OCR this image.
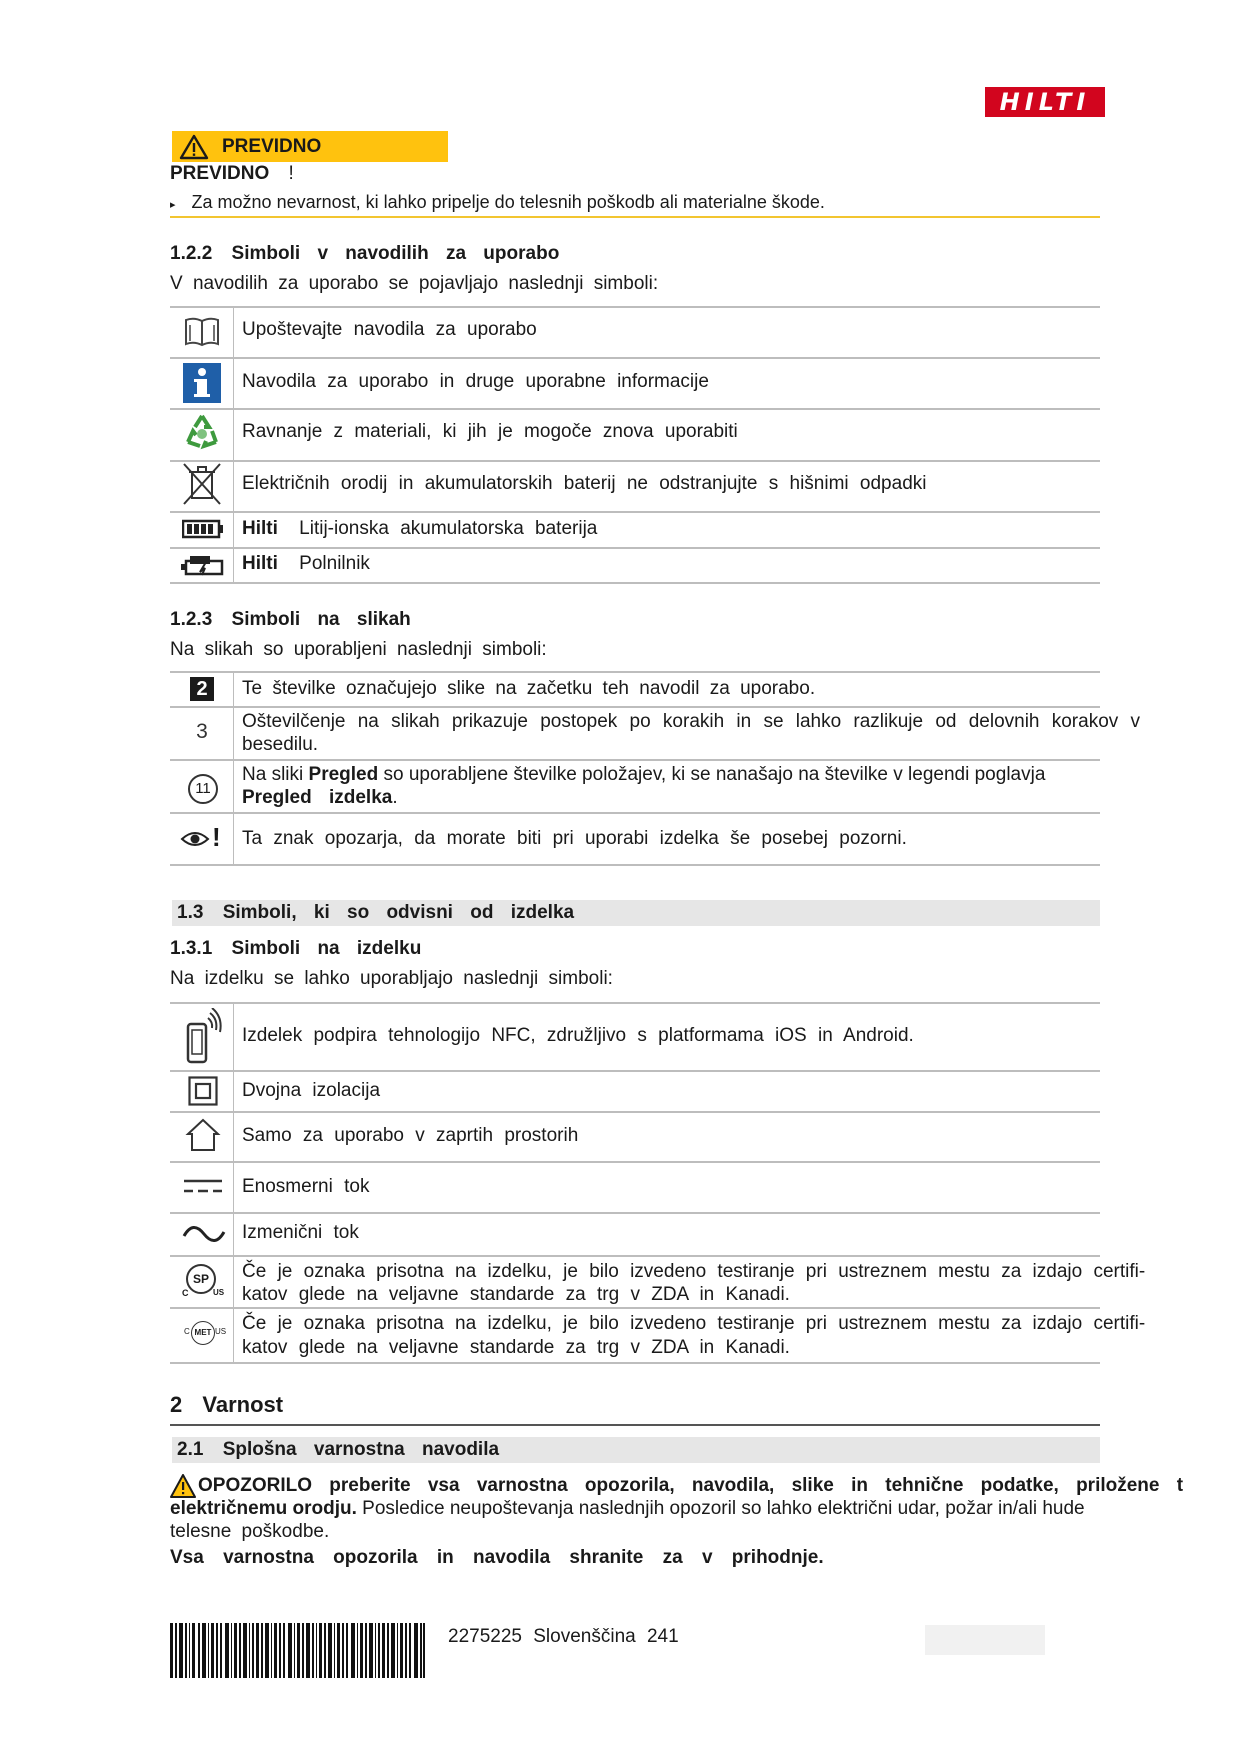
HILTI
PREVIDNO
PREVIDNO !
▸ Za možno nevarnost, ki lahko pripelje do telesnih poškodb ali materialne škode.
1.2.2 Simboli v navodilih za uporabo
V navodilih za uporabo se pojavljajo naslednji simboli:
Upoštevajte navodila za uporabo
Navodila za uporabo in druge uporabne informacije
Ravnanje z materiali, ki jih je mogoče znova uporabiti
Električnih orodij in akumulatorskih baterij ne odstranjujte s hišnimi odpadki
Hilti Litij-ionska akumulatorska baterija
Hilti Polnilnik
1.2.3 Simboli na slikah
Na slikah so uporabljeni naslednji simboli:
2
3
11
!
Te številke označujejo slike na začetku teh navodil za uporabo.
Oštevilčenje na slikah prikazuje postopek po korakih in se lahko razlikuje od delovnih korakov v besedilu.
Na sliki Pregled so uporabljene številke položajev, ki se nanašajo na številke v legendi poglavja Pregled izdelka.
Ta znak opozarja, da morate biti pri uporabi izdelka še posebej pozorni.
1.3 Simboli, ki so odvisni od izdelka
1.3.1 Simboli na izdelku
Na izdelku se lahko uporabljajo naslednji simboli:
SP
C	US
C MET US
Izdelek podpira tehnologijo NFC, združljivo s platformama iOS in Android.
Dvojna izolacija
Samo za uporabo v zaprtih prostorih
Enosmerni tok
Izmenični tok
Če je oznaka prisotna na izdelku, je bilo izvedeno testiranje pri ustreznem mestu za izdajo certifi-
katov glede na veljavne standarde za trg v ZDA in Kanadi.
Če je oznaka prisotna na izdelku, je bilo izvedeno testiranje pri ustreznem mestu za izdajo certifi-
katov glede na veljavne standarde za trg v ZDA in Kanadi.
2 Varnost
2.1 Splošna varnostna navodila
OPOZORILO preberite vsa varnostna opozorila, navodila, slike in tehnične podatke, priložene t
električnemu orodju. Posledice neupoštevanja naslednjih opozoril so lahko električni udar, požar in/ali hude
telesne poškodbe.
Vsa varnostna opozorila in navodila shranite za v prihodnje.
2275225 Slovenščina 241
